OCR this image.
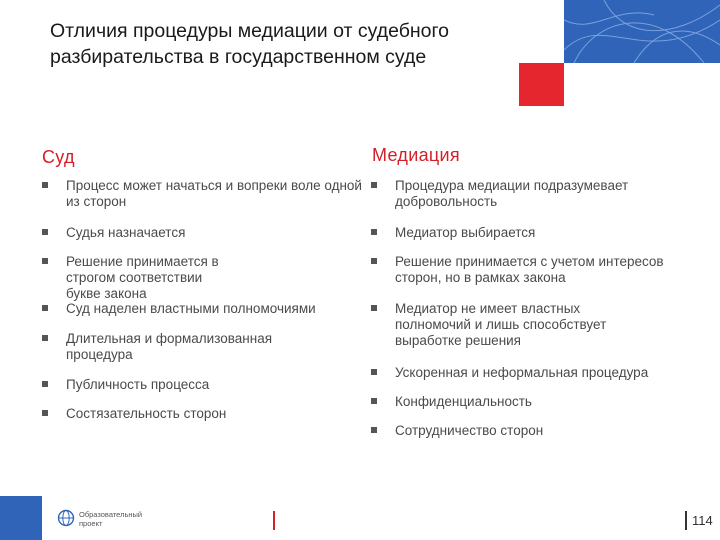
Отличия процедуры медиации от судебного разбирательства в государственном суде
Суд	Медиация
Процесс может начаться и вопреки воле одной из сторон
Судья назначается
Решение принимается в строгом соответствии букве закона
Суд наделен властными полномочиями
Длительная и формализованная процедура
Публичность процесса
Состязательность сторон
Процедура медиации подразумевает добровольность
Медиатор выбирается
Решение принимается с учетом интересов сторон, но в рамках закона
Медиатор не имеет властных полномочий и лишь способствует выработке решения
Ускоренная и неформальная процедура
Конфиденциальность
Сотрудничество сторон
Образовательный
проект	114
